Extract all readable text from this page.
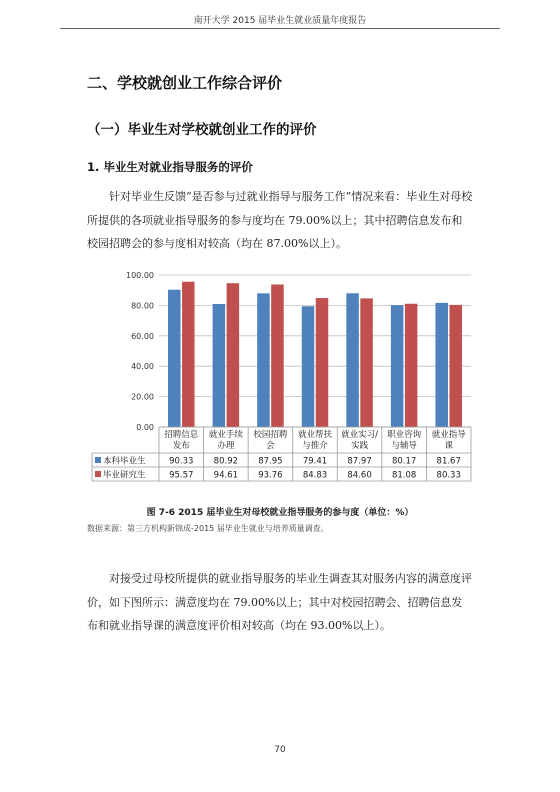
南开大学 2015 届毕业生就业质量年度报告
二、学校就创业工作综合评价
（一）毕业生对学校就创业工作的评价
1. 毕业生对就业指导服务的评价
针对毕业生反馈“是否参与过就业指导与服务工作”情况来看：毕业生对母校所提供的各项就业指导服务的参与度均在 79.00%以上；其中招聘信息发布和校园招聘会的参与度相对较高（均在 87.00%以上）。
0.00
20.00
40.00
60.00
80.00
100.00
招聘信息
发布
就业手续
办理
校园招聘
会
就业帮扶
与推介
就业实习/
实践
职业咨询
与辅导
就业指导
课
本科毕业生	90.33 80.92 87.95 79.41 87.97 80.17 81.67
毕业研究生	95.57 94.61 93.76 84.83 84.60 81.08 80.33
图 7-6 2015 届毕业生对母校就业指导服务的参与度（单位：%）
数据来源：第三方机构新锦成-2015 届毕业生就业与培养质量调查。
对接受过母校所提供的就业指导服务的毕业生调查其对服务内容的满意度评价，如下图所示：满意度均在 79.00%以上；其中对校园招聘会、招聘信息发布和就业指导课的满意度评价相对较高（均在 93.00%以上）。
70
